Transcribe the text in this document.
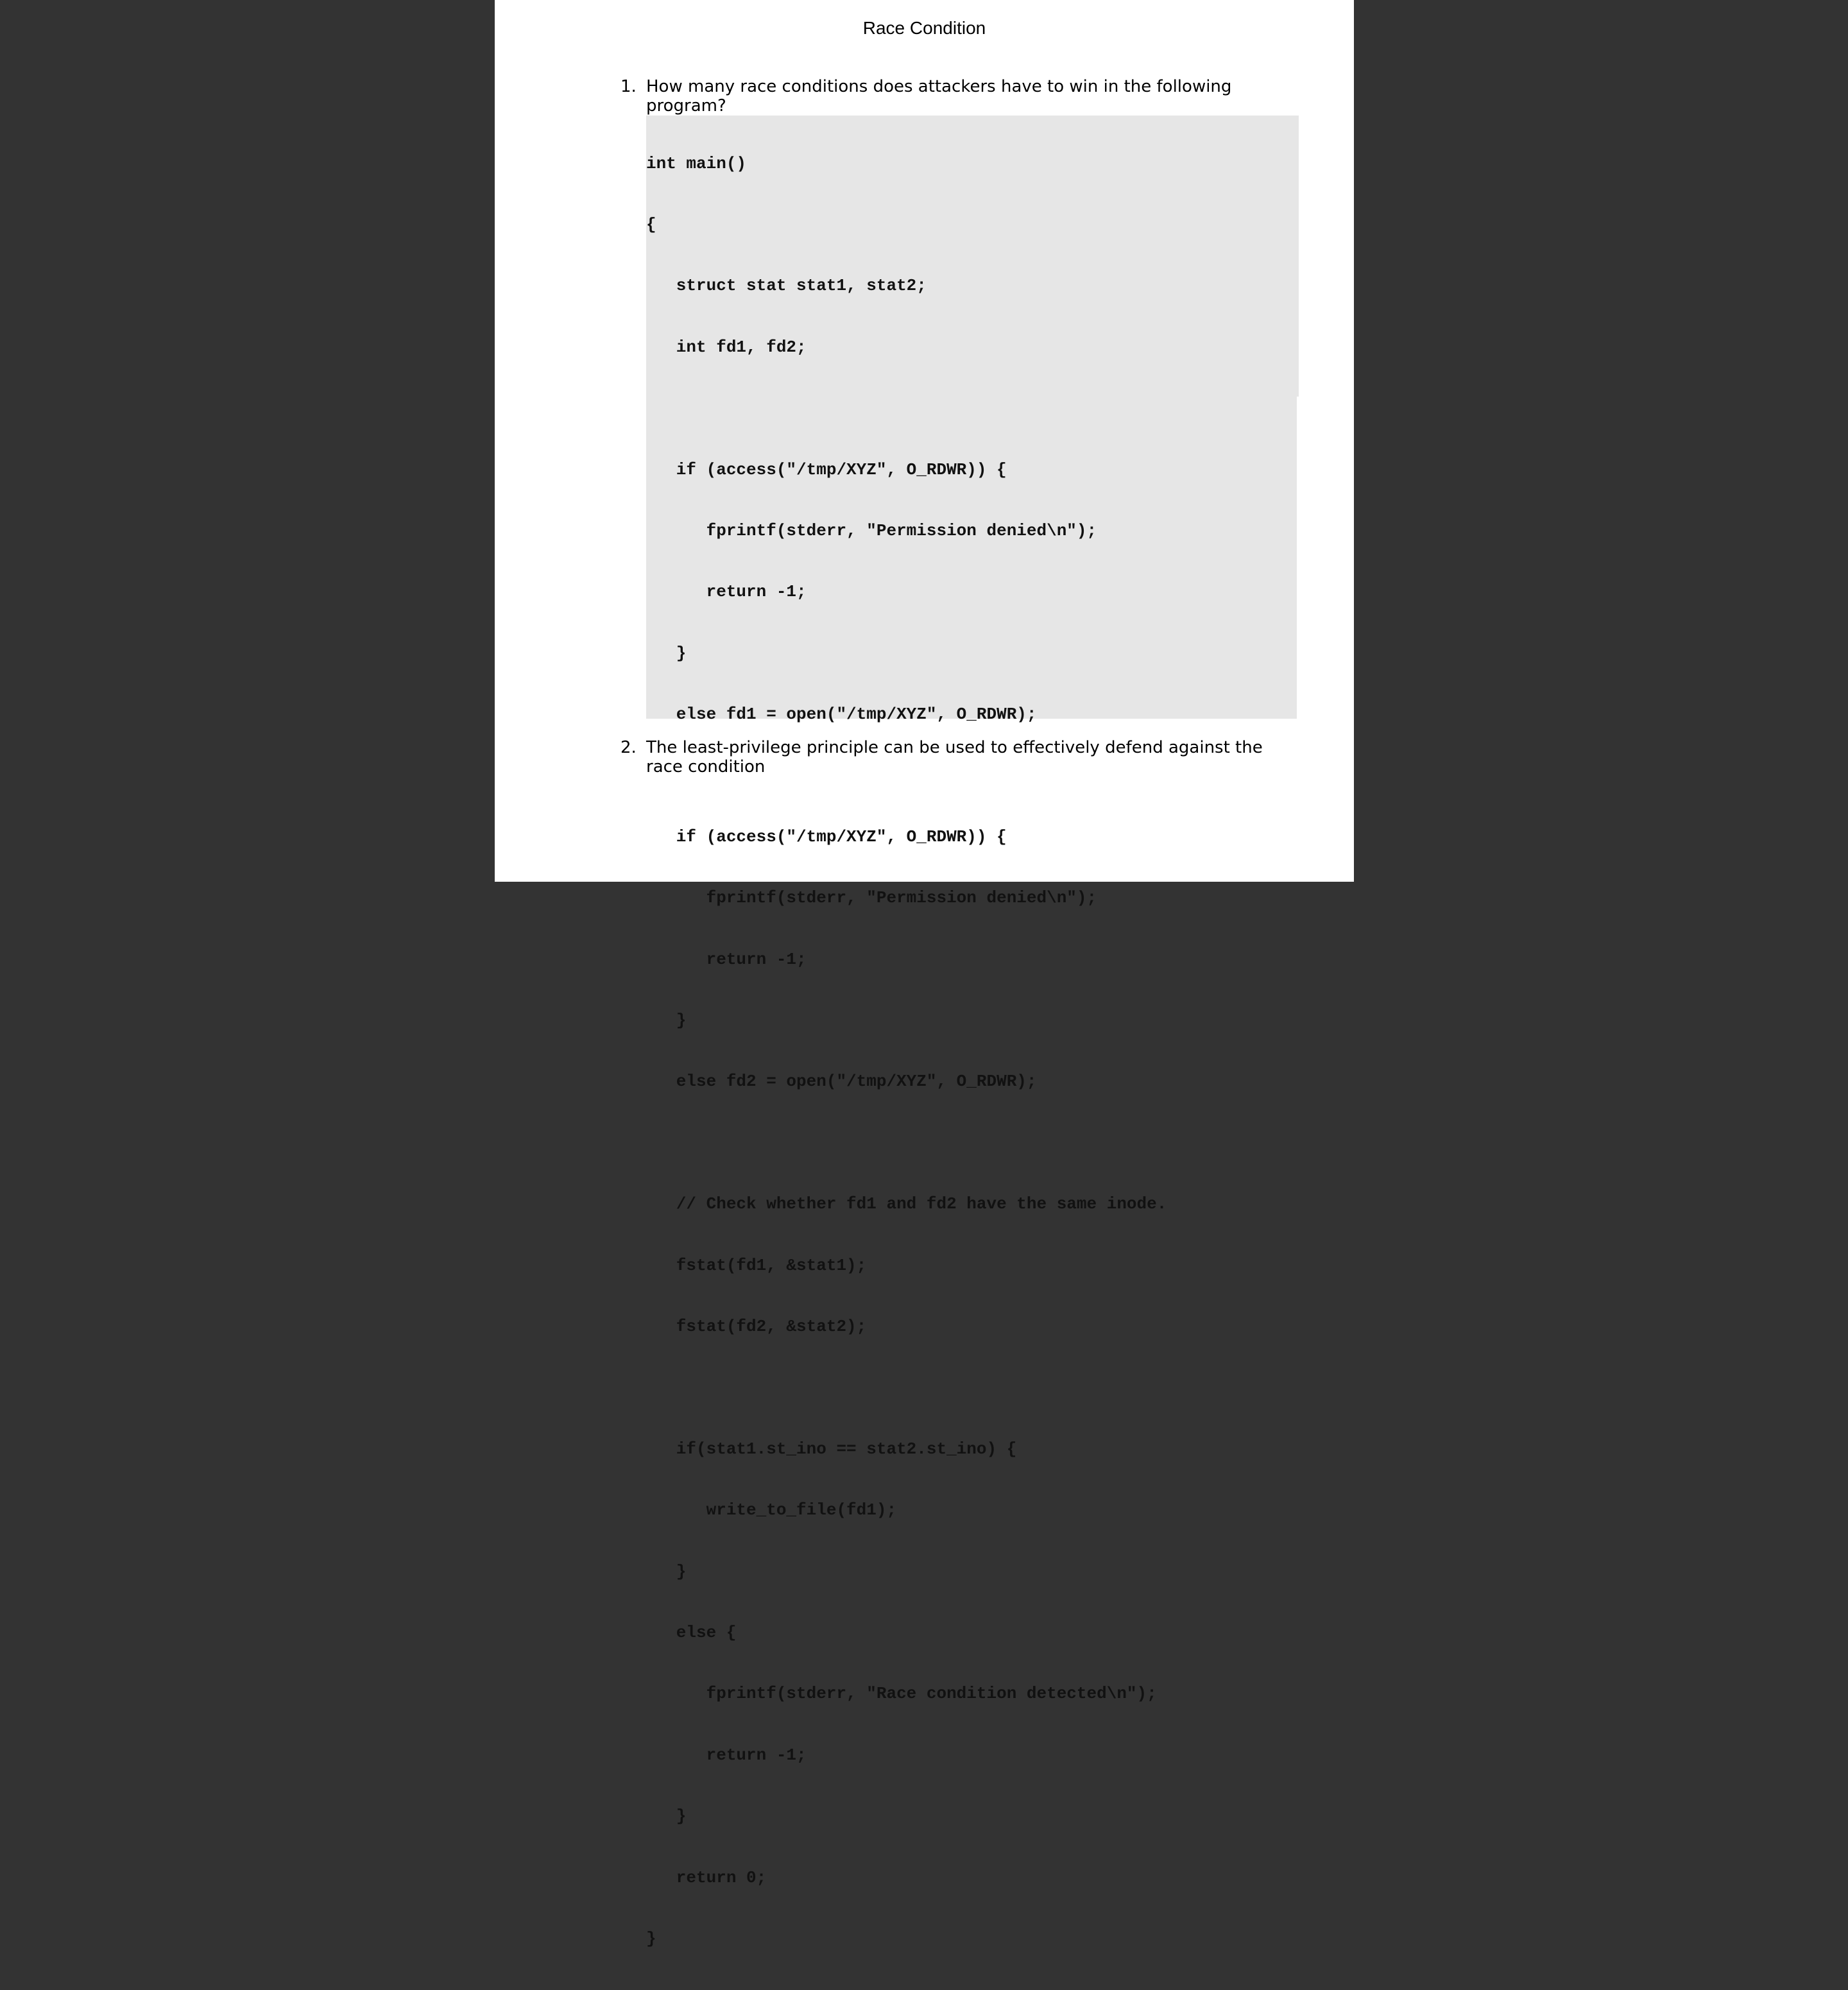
Race Condition
1. How many race conditions does attackers have to win in the following program?

int main()

{

struct stat stat1, stat2;

int fd1, fd2;

if (access("/tmp/XYZ", O_RDWR)) {

fprintf(stderr, "Permission denied\n");

return -1;

}

else fd1 = open("/tmp/XYZ", O_RDWR);

if (access("/tmp/XYZ", O_RDWR)) {

fprintf(stderr, "Permission denied\n");

return -1;

}

else fd2 = open("/tmp/XYZ", O_RDWR);

// Check whether fd1 and fd2 have the same inode.

fstat(fd1, &stat1);

fstat(fd2, &stat2);

if(stat1.st_ino == stat2.st_ino) {

write_to_file(fd1);

}

else {

fprintf(stderr, "Race condition detected\n");

return -1;

}

return 0;

}

2. The least-privilege principle can be used to effectively defend against the race condition
